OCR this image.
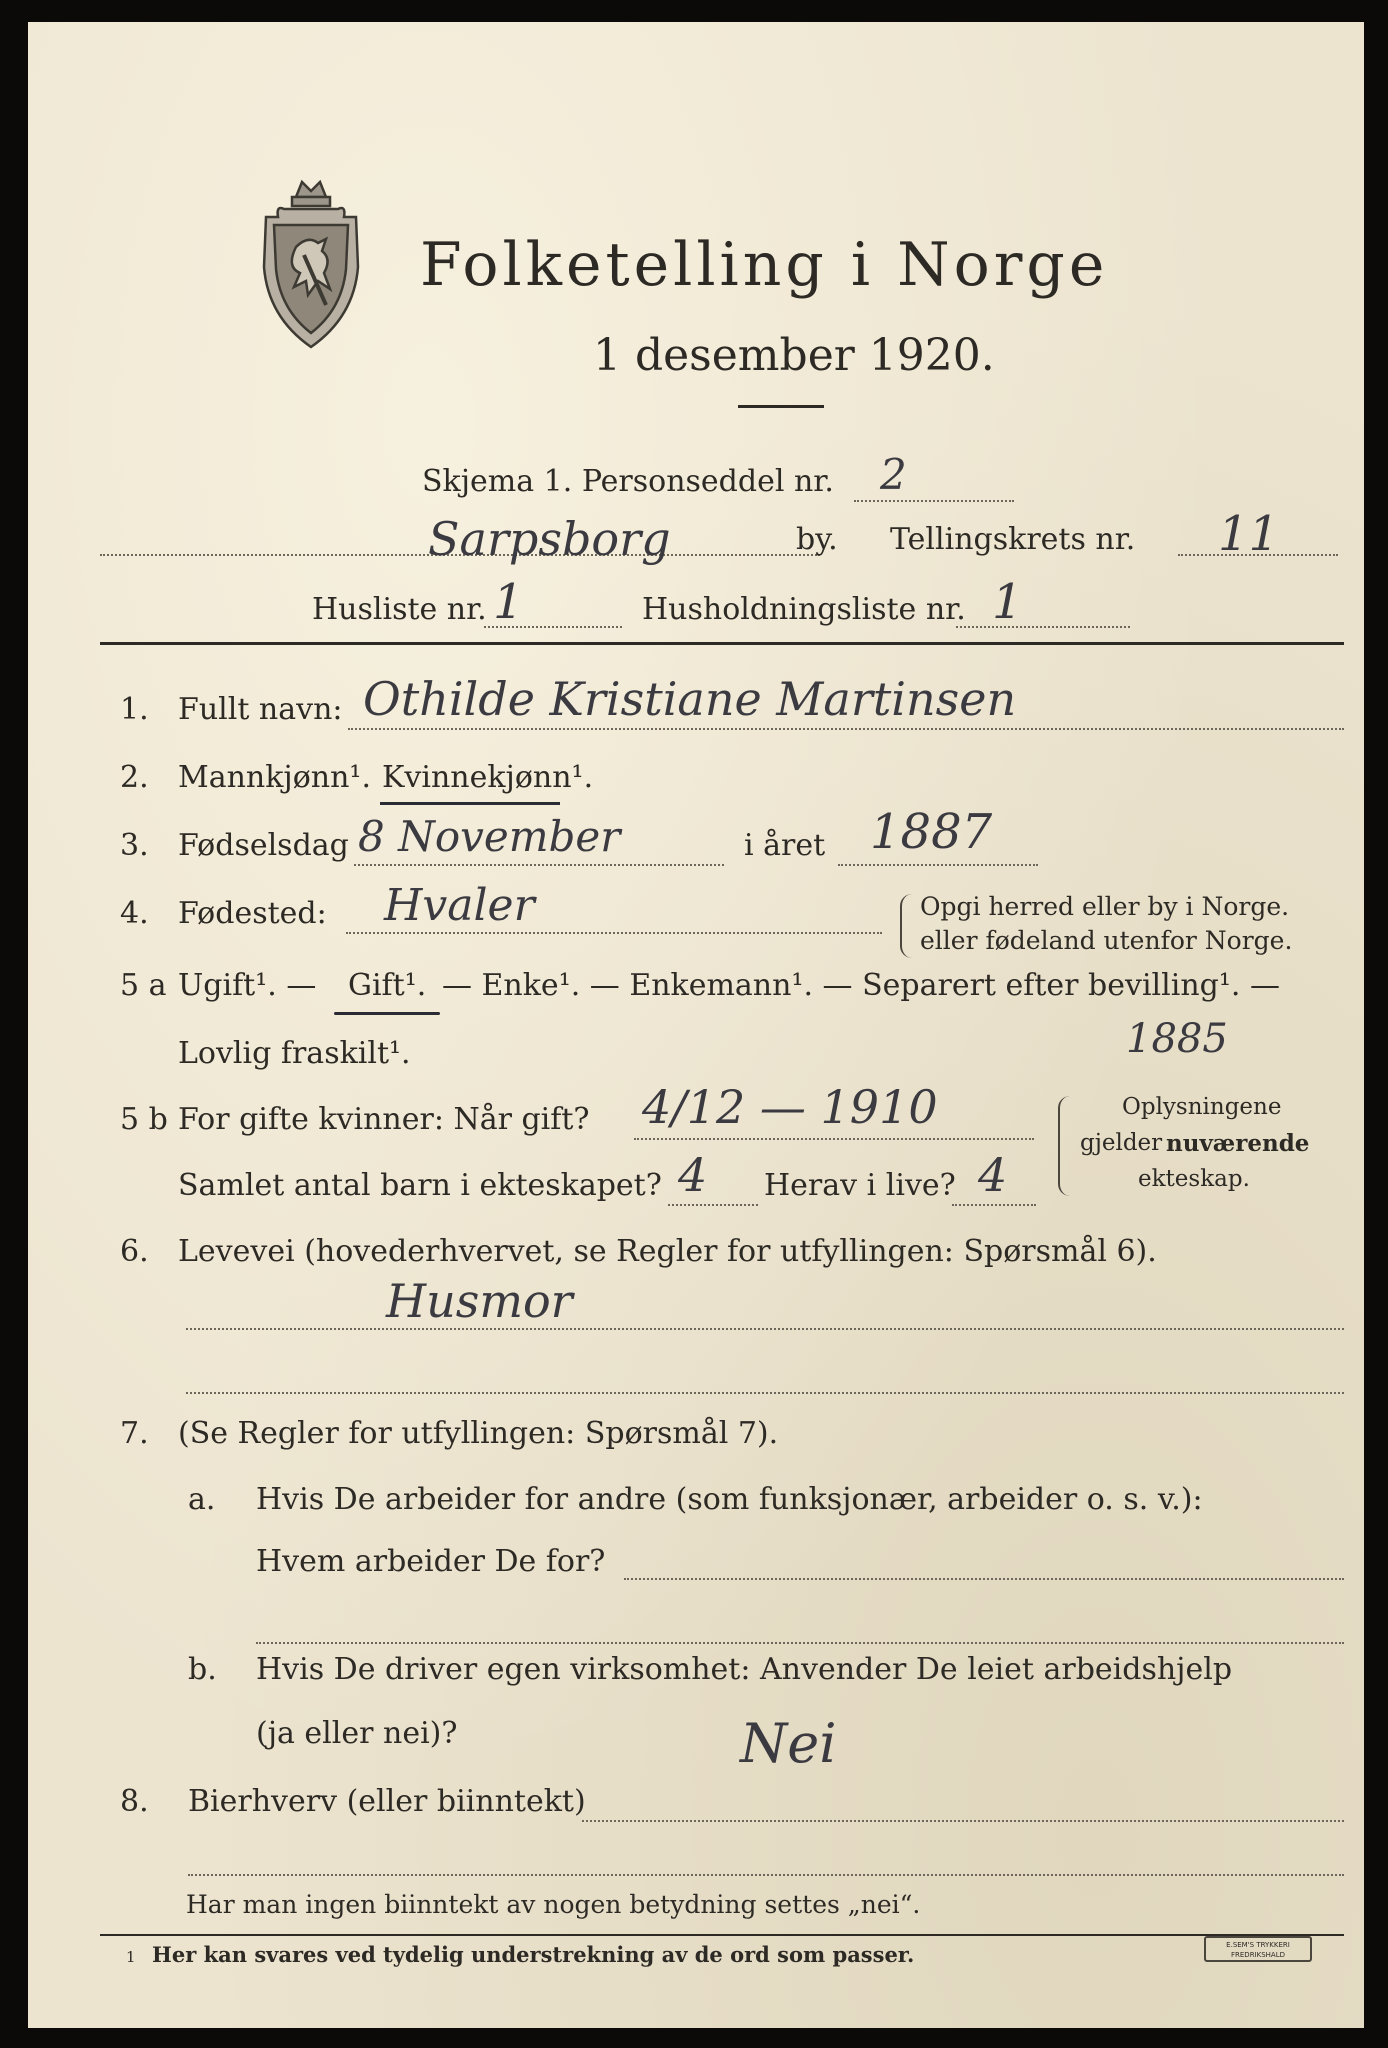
Folketelling i Norge
1 desember 1920.
Skjema 1. Personseddel nr. 2
Sarpsborg	by. Tellingskrets nr. 11
Husliste nr. 1	Husholdningsliste nr. 1
1. Fullt navn: Othilde Kristiane Martinsen
2. Mannkjønn¹. Kvinnekjønn¹.
3. Fødselsdag 8 November	i året 1887
4. Fødested: Hvaler	Opgi herred eller by i Norge.
eller fødeland utenfor Norge.
5 a Ugift¹. — Gift¹. — Enke¹. — Enkemann¹. — Separert efter bevilling¹. —
Lovlig fraskilt¹.	1885
5 b For gifte kvinner: Når gift? 4/12 — 1910
Samlet antal barn i ekteskapet? 4 Herav i live? 4
Oplysningene
gjelder nuværende
ekteskap.
6. Levevei (hovederhvervet, se Regler for utfyllingen: Spørsmål 6).
Husmor
7. (Se Regler for utfyllingen: Spørsmål 7).
a. Hvis De arbeider for andre (som funksjonær, arbeider o. s. v.):
Hvem arbeider De for?
b. Hvis De driver egen virksomhet: Anvender De leiet arbeidshjelp
(ja eller nei)?	Nei
8. Bierhverv (eller biinntekt)
Har man ingen biinntekt av nogen betydning settes „nei“.
1 Her kan svares ved tydelig understrekning av de ord som passer.	E.SEM'S TRYKKERI
FREDRIKSHALD
